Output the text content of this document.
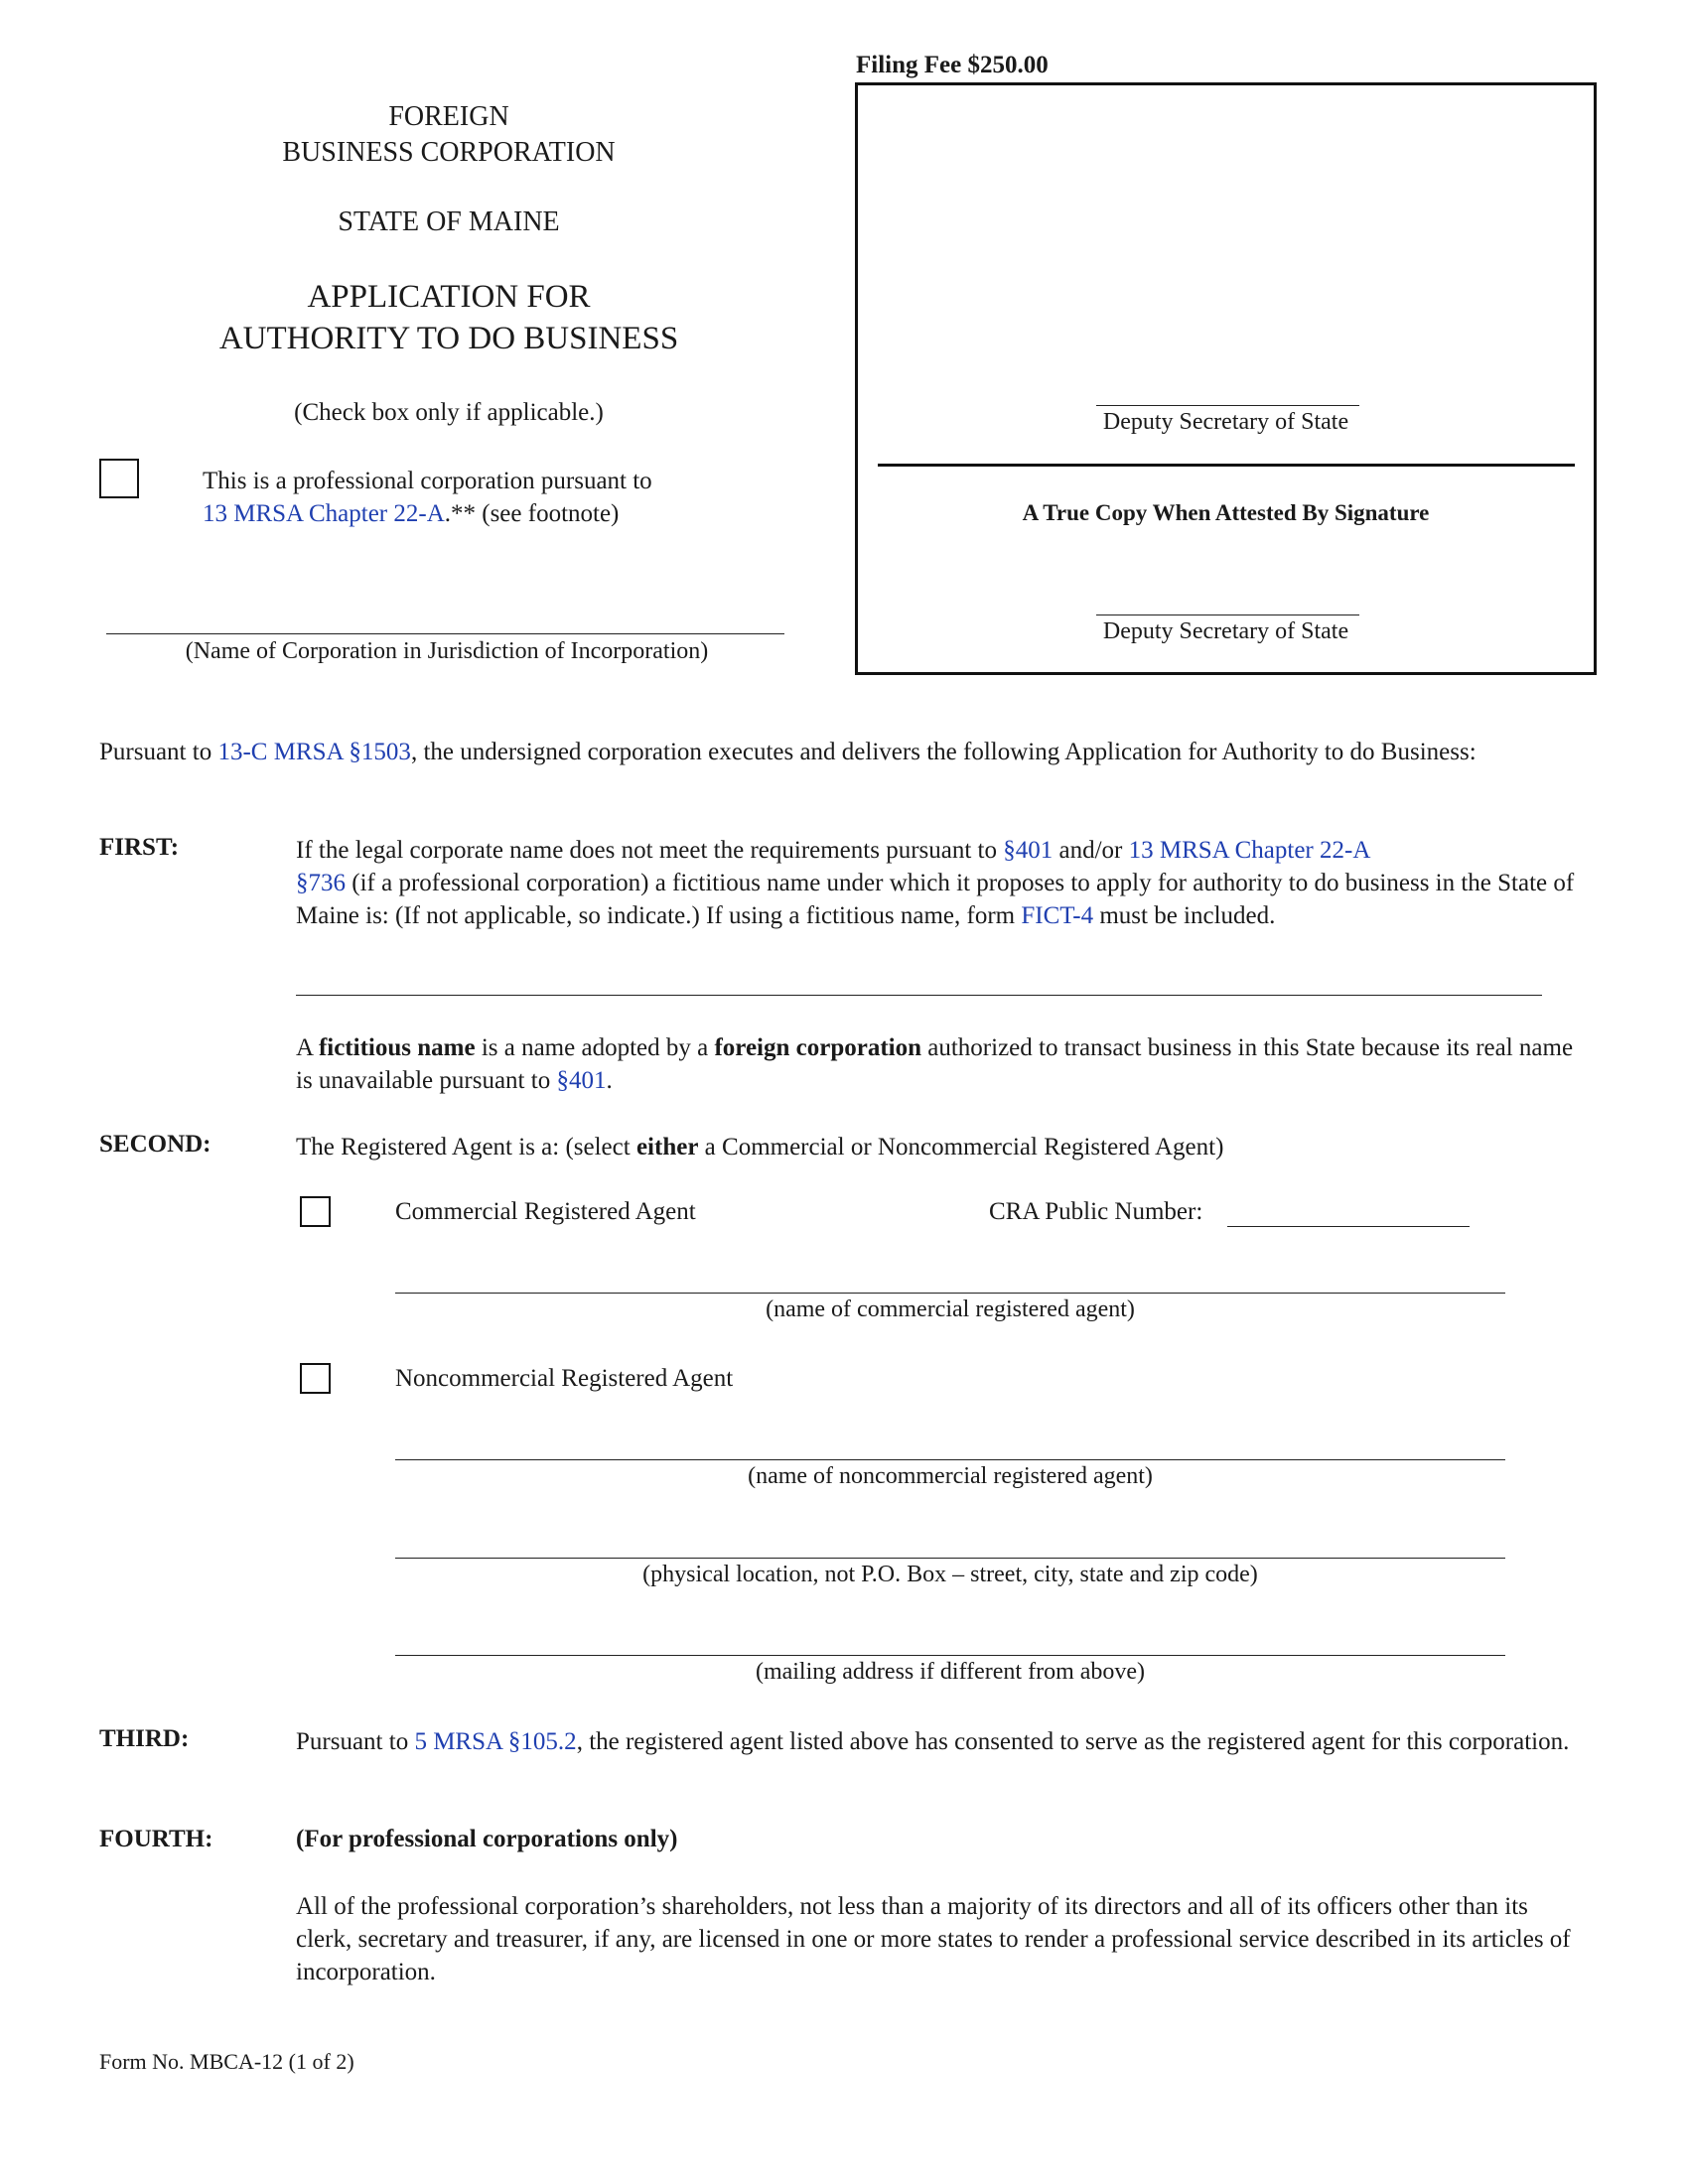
Filing Fee $250.00
FOREIGN
BUSINESS CORPORATION
STATE OF MAINE
APPLICATION FOR
AUTHORITY TO DO BUSINESS
(Check box only if applicable.)
This is a professional corporation pursuant to
13 MRSA Chapter 22-A.** (see footnote)
(Name of Corporation in Jurisdiction of Incorporation)
Deputy Secretary of State
A True Copy When Attested By Signature
Deputy Secretary of State
Pursuant to 13-C MRSA §1503, the undersigned corporation executes and delivers the following Application for Authority to do Business:
FIRST:	If the legal corporate name does not meet the requirements pursuant to §401 and/or 13 MRSA Chapter 22-A
§736 (if a professional corporation) a fictitious name under which it proposes to apply for authority to do business in the State of Maine is: (If not applicable, so indicate.) If using a fictitious name, form FICT-4 must be included.
A fictitious name is a name adopted by a foreign corporation authorized to transact business in this State because its real name is unavailable pursuant to §401.
SECOND:	The Registered Agent is a: (select either a Commercial or Noncommercial Registered Agent)
Commercial Registered Agent	CRA Public Number:
(name of commercial registered agent)
Noncommercial Registered Agent
(name of noncommercial registered agent)
(physical location, not P.O. Box – street, city, state and zip code)
(mailing address if different from above)
THIRD:	Pursuant to 5 MRSA §105.2, the registered agent listed above has consented to serve as the registered agent for this corporation.
FOURTH:	(For professional corporations only)
All of the professional corporation’s shareholders, not less than a majority of its directors and all of its officers other than its clerk, secretary and treasurer, if any, are licensed in one or more states to render a professional service described in its articles of incorporation.
Form No. MBCA-12 (1 of 2)
